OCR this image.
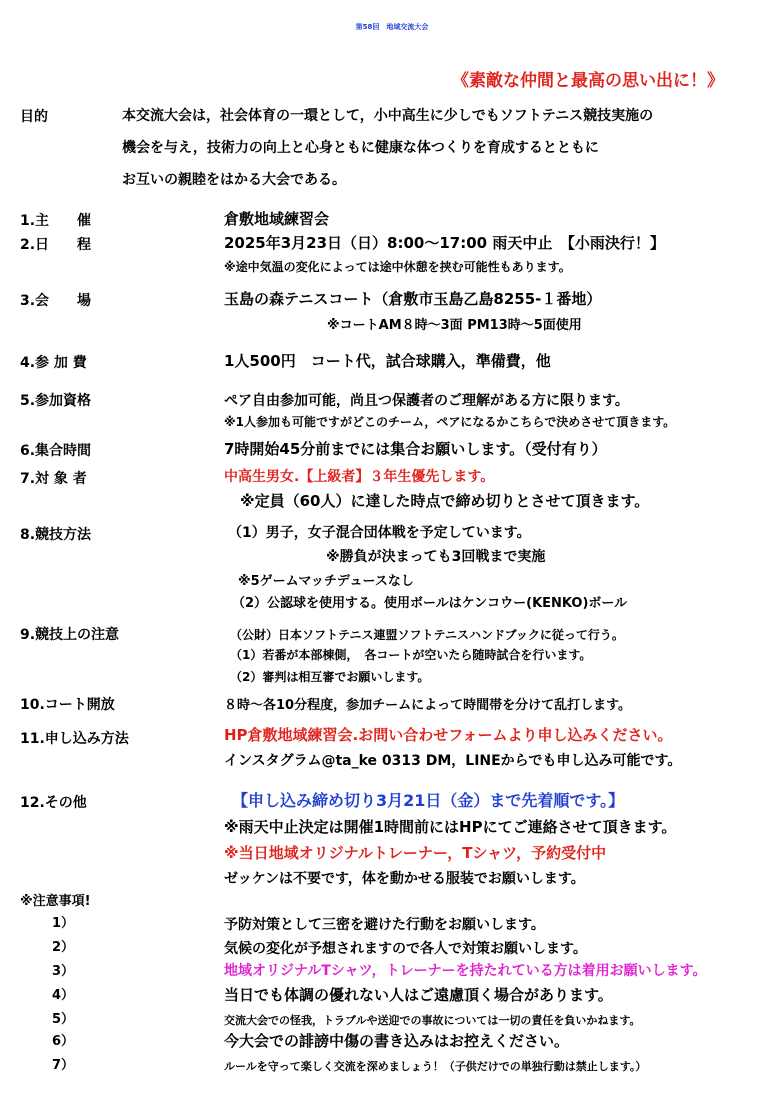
第58回　地域交流大会
《素敵な仲間と最高の思い出に！》
目的	本交流大会は，社会体育の一環として，小中高生に少しでもソフトテニス競技実施の
機会を与え，技術力の向上と心身ともに健康な体つくりを育成するとともに
お互いの親睦をはかる大会である。
1.主　　催	倉敷地域練習会
2.日　　程	2025年3月23日（日）8:00〜17:00 雨天中止　【小雨決行！】
※途中気温の変化によっては途中休憩を挟む可能性もあります。
3.会　　場	玉島の森テニスコート（倉敷市玉島乙島8255-１番地）
※コートAM８時〜3面 PM13時〜5面使用
4.参 加 費	1人500円　コート代，試合球購入，準備費，他
5.参加資格	ペア自由参加可能，尚且つ保護者のご理解がある方に限ります。
※1人参加も可能ですがどこのチーム，ペアになるかこちらで決めさせて頂きます。
6.集合時間	7時開始45分前までには集合お願いします。（受付有り）
7.対 象 者	中高生男女.【上級者】３年生優先します。
※定員（60人）に達した時点で締め切りとさせて頂きます。
8.競技方法	（1）男子，女子混合団体戦を予定しています。
※勝負が決まっても3回戦まで実施
※5ゲームマッチデュースなし
（2）公認球を使用する。使用ボールはケンコウー(KENKO)ボール
9.競技上の注意	（公財）日本ソフトテニス連盟ソフトテニスハンドブックに従って行う。
（1）若番が本部棟側，　各コートが空いたら随時試合を行います。
（2）審判は相互審でお願いします。
10.コート開放	８時〜各10分程度，参加チームによって時間帯を分けて乱打します。
11.申し込み方法	HP倉敷地域練習会.お問い合わせフォームより申し込みください。
インスタグラム@ta_ke 0313 DM，LINEからでも申し込み可能です。
12.その他	【申し込み締め切り3月21日（金）まで先着順です。】
※雨天中止決定は開催1時間前にはHPにてご連絡させて頂きます。
※当日地域オリジナルトレーナー，Tシャツ，予約受付中
ゼッケンは不要です，体を動かせる服装でお願いします。
※注意事項!
1）	予防対策として三密を避けた行動をお願いします。
2）	気候の変化が予想されますので各人で対策お願いします。
3）	地域オリジナルTシャツ，トレーナーを持たれている方は着用お願いします。
4）	当日でも体調の優れない人はご遠慮頂く場合があります。
5）	交流大会での怪我，トラブルや送迎での事故については一切の責任を負いかねます。
6）	今大会での誹謗中傷の書き込みはお控えください。
7）	ルールを守って楽しく交流を深めましょう！（子供だけでの単独行動は禁止します。）
